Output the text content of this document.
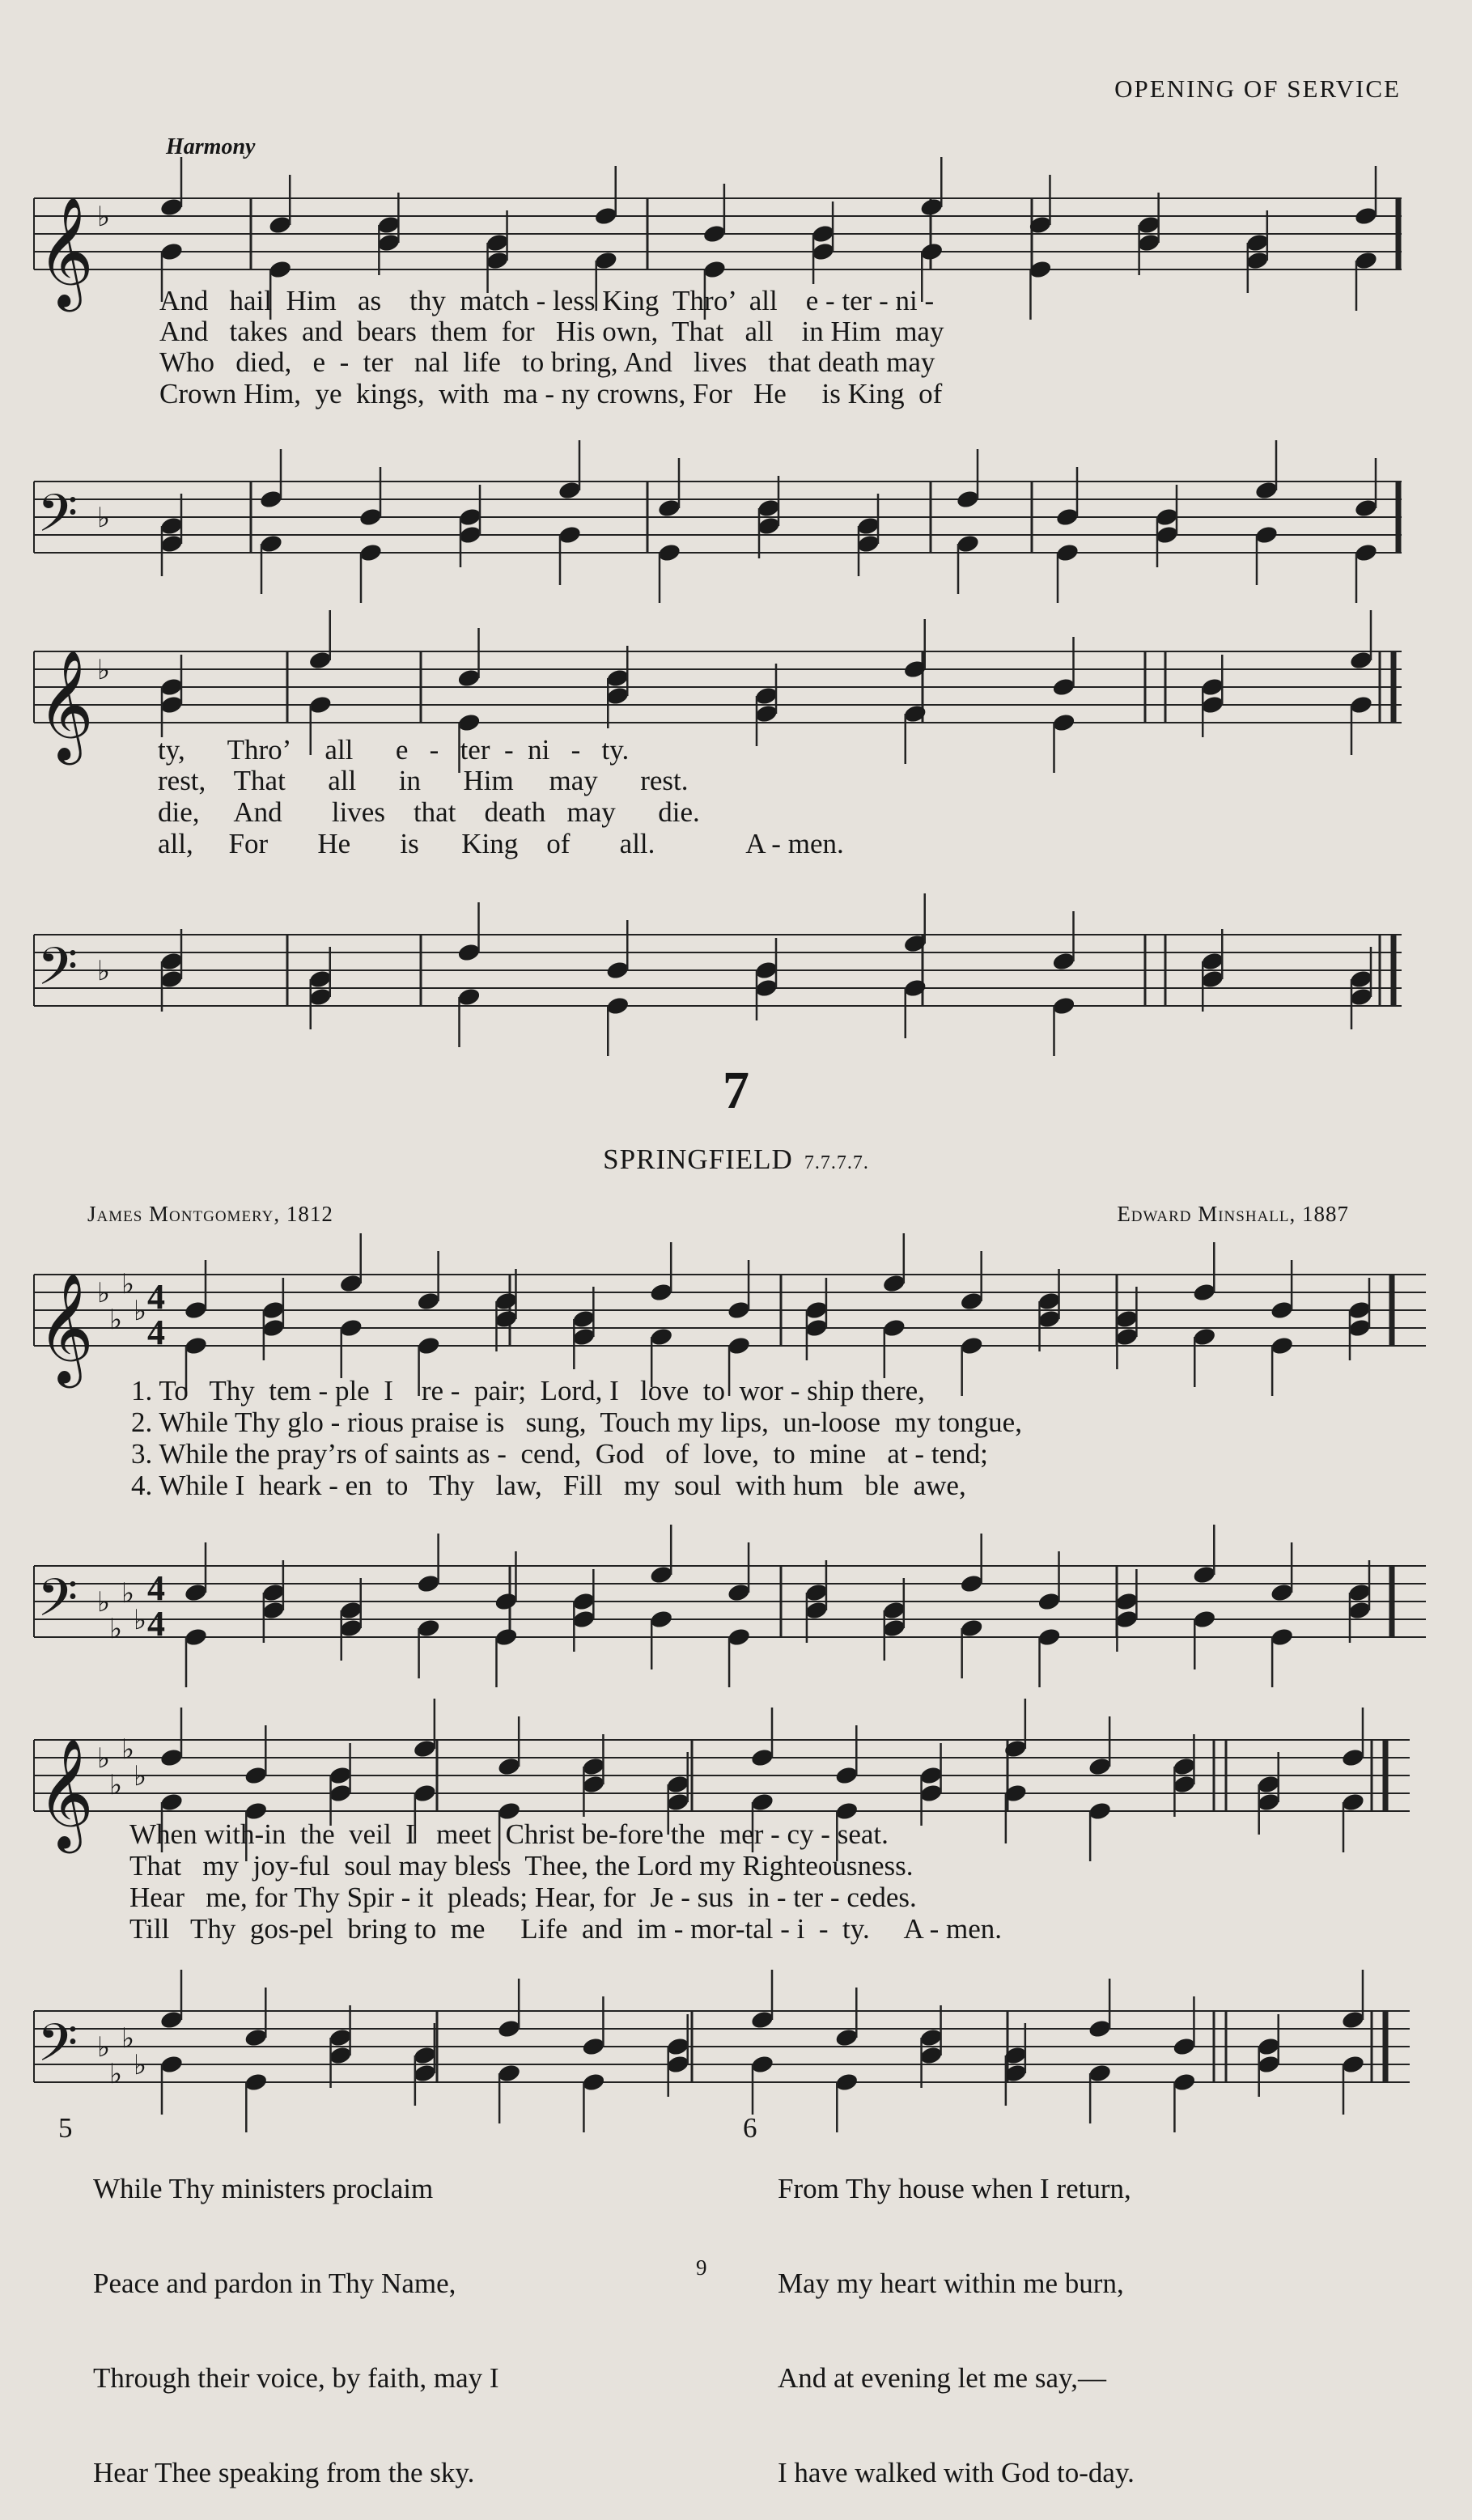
OPENING OF SERVICE
Harmony
𝄞 ♭
And   hail  Him   as    thy  match - less King  Thro’  all    e - ter - ni -
And   takes  and  bears  them  for   His own,  That   all    in Him  may
Who   died,   e  -  ter   nal  life   to bring, And   lives   that death may
Crown Him,  ye  kings,  with  ma - ny crowns, For   He     is King  of
𝄢 ♭
𝄞 ♭
ty,      Thro’     all      e   -   ter  -  ni   -   ty.
rest,    That      all      in      Him     may      rest.
die,     And       lives    that    death   may      die.
all,     For       He       is      King    of       all.             A - men.
𝄢 ♭
7
SPRINGFIELD 7.7.7.7.
James Montgomery, 1812	Edward Minshall, 1887
𝄞 ♭
♭
♭
♭ 4
4
1. To   Thy  tem - ple  I    re -  pair;  Lord, I   love  to  wor - ship there,
2. While Thy glo - rious praise is   sung,  Touch my lips,  un-loose  my tongue,
3. While the pray’rs of saints as -  cend,  God   of  love,  to  mine   at - tend;
4. While I  heark - en  to   Thy   law,   Fill   my  soul  with hum   ble  awe,
𝄢 ♭
♭
♭
♭
4
4
𝄞 ♭
♭
♭
♭
When with-in  the  veil  I   meet  Christ be-fore the  mer - cy - seat.
That   my  joy-ful  soul may bless  Thee, the Lord my Righteousness.
Hear   me, for Thy Spir - it  pleads; Hear, for  Je - sus  in - ter - cedes.
Till   Thy  gos-pel  bring to  me     Life  and  im - mor-tal - i  -  ty.     A - men.
𝄢 ♭
♭
♭
♭
5

While Thy ministers proclaim

Peace and pardon in Thy Name,

Through their voice, by faith, may I

Hear Thee speaking from the sky.

6

From Thy house when I return,

May my heart within me burn,

And at evening let me say,—

I have walked with God to-day.

9
